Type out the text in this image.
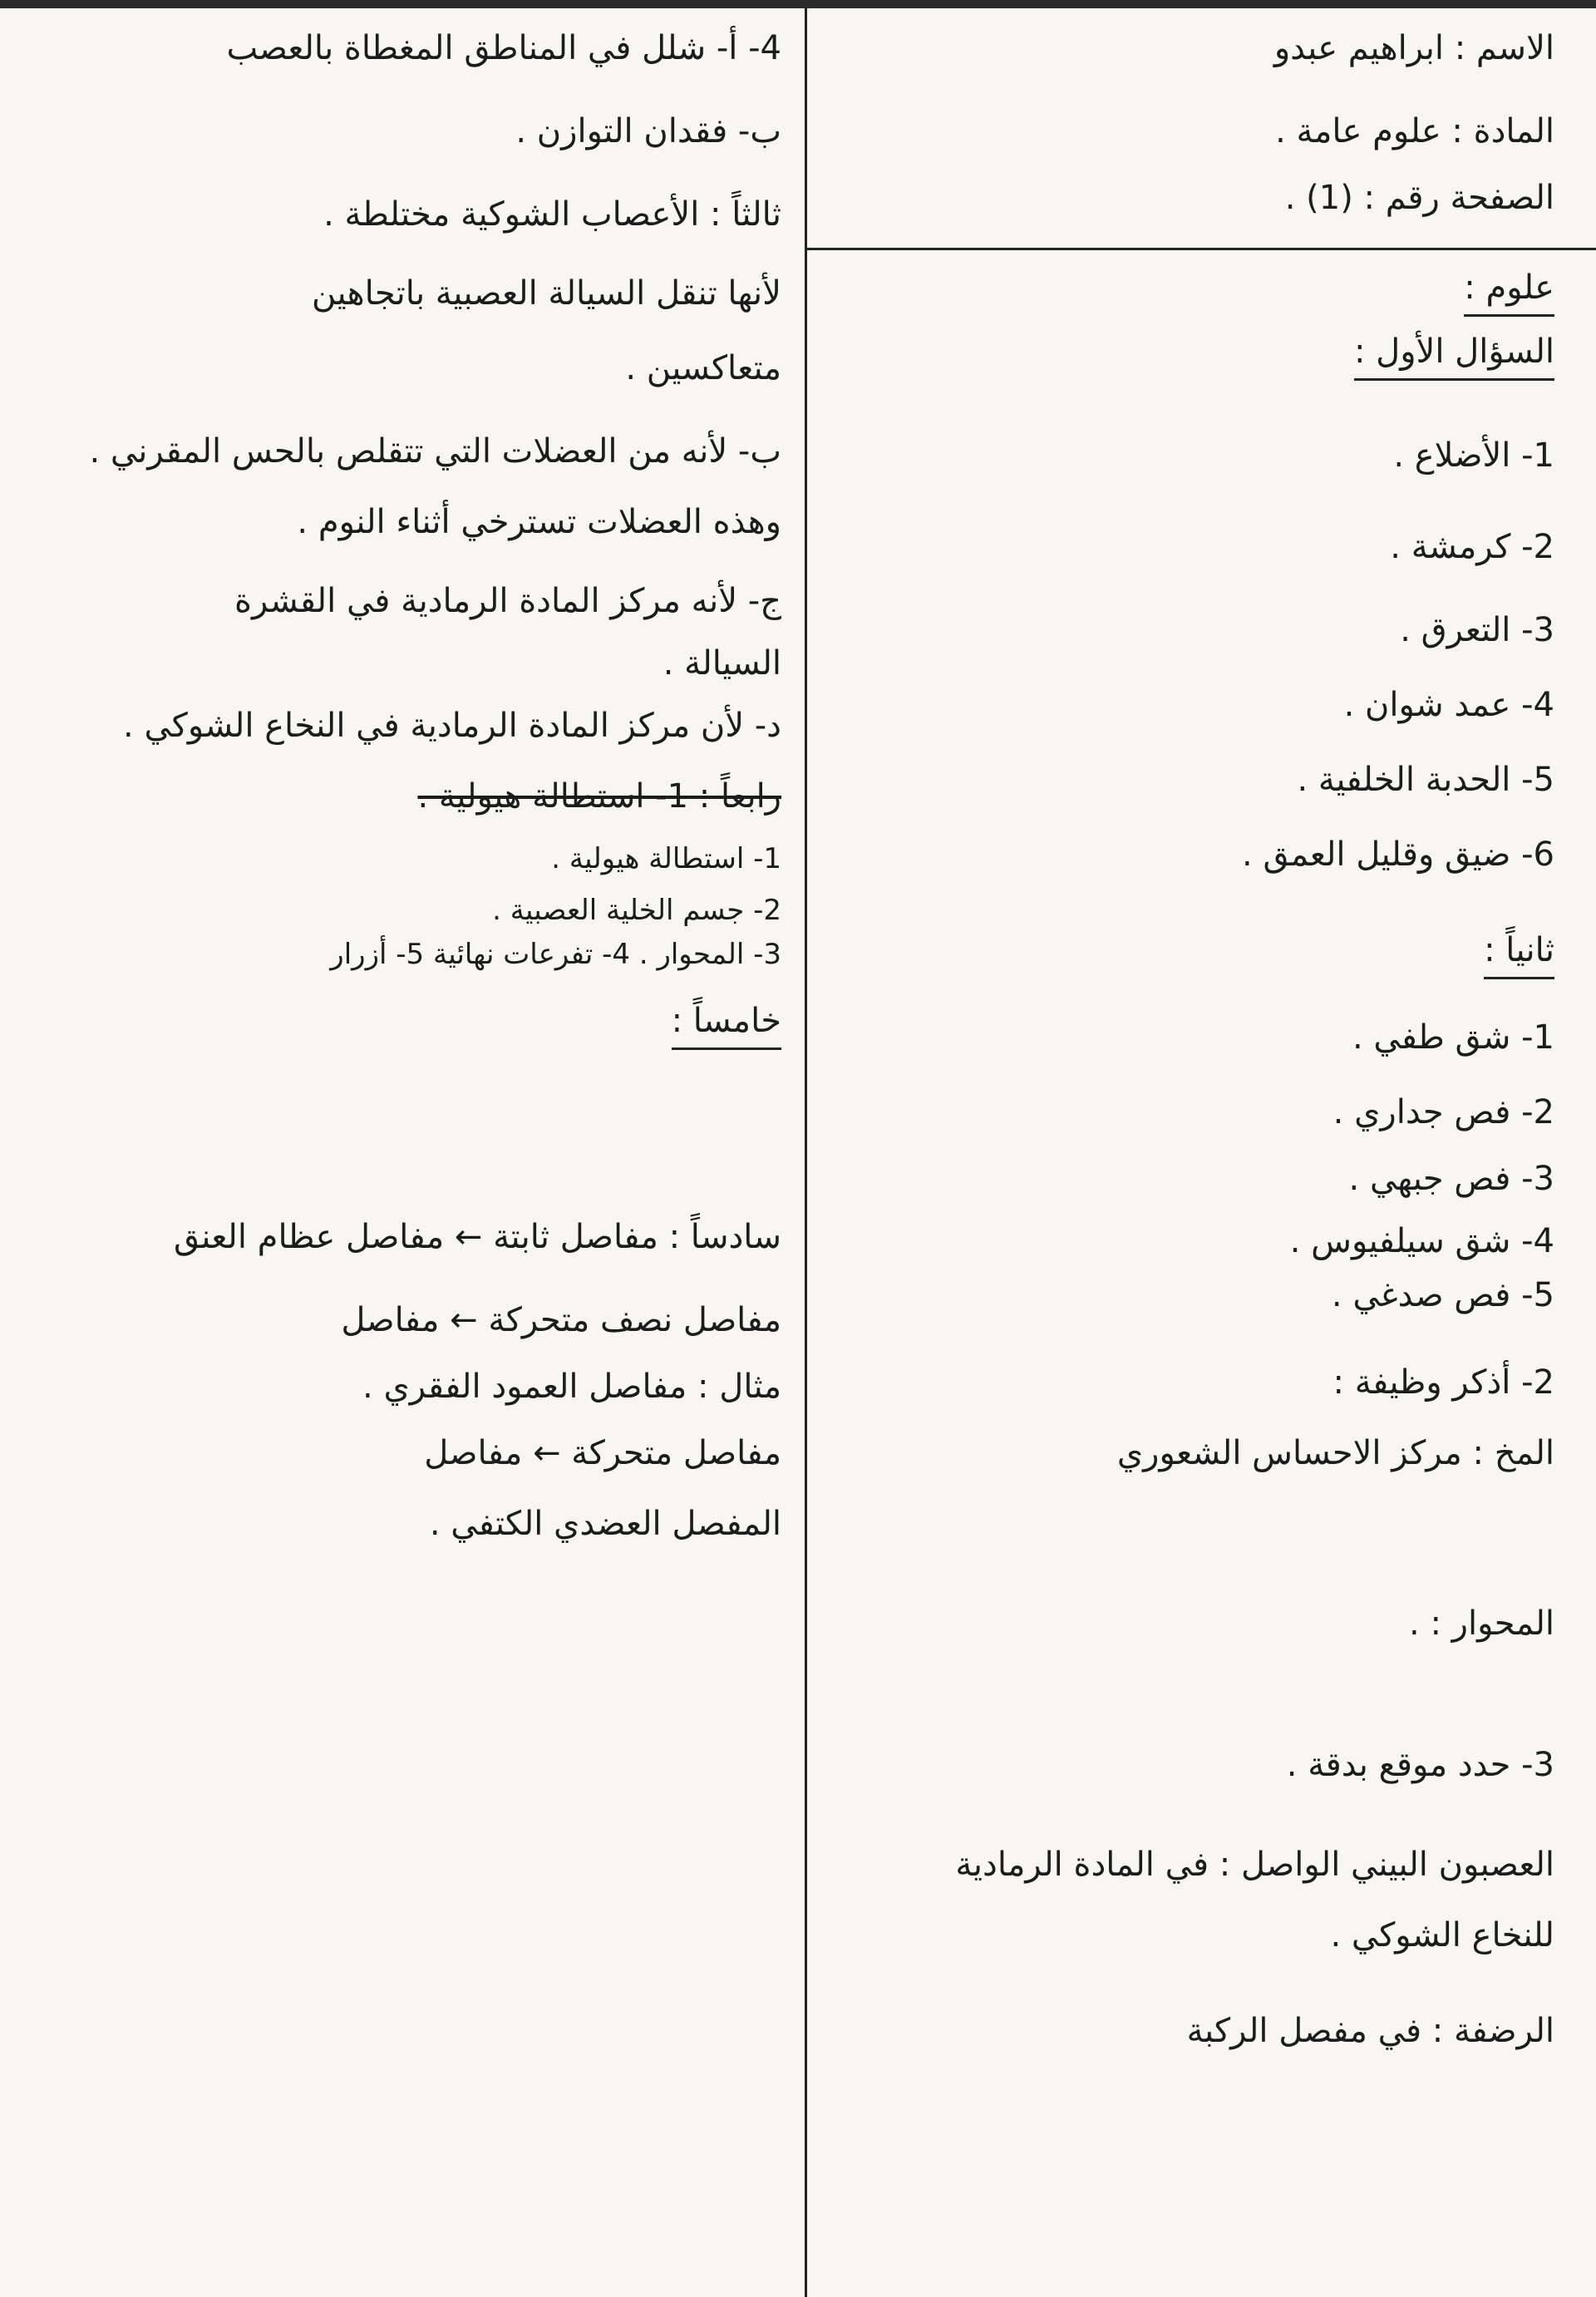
الاسم : ابراهيم عبدو
المادة : علوم عامة .
الصفحة رقم : (1) .
علوم :
السؤال الأول :
1- الأضلاع .
2- كرمشة .
3- التعرق .
4- عمد شوان .
5- الحدبة الخلفية .
6- ضيق وقليل العمق .
ثانياً :
1- شق طفي .
2- فص جداري .
3- فص جبهي .
4- شق سيلفيوس .
5- فص صدغي .
2- أذكر وظيفة :
المخ : مركز الاحساس الشعوري
المحوار : .
3- حدد موقع بدقة .
العصبون البيني الواصل : في المادة الرمادية
للنخاع الشوكي .
الرضفة : في مفصل الركبة
4- أ- شلل في المناطق المغطاة بالعصب
ب- فقدان التوازن .
ثالثاً : الأعصاب الشوكية مختلطة .
لأنها تنقل السيالة العصبية باتجاهين
متعاكسين .
ب- لأنه من العضلات التي تتقلص بالحس المقرني .
وهذه العضلات تسترخي أثناء النوم .
ج- لأنه مركز المادة الرمادية في القشرة
السيالة .
د- لأن مركز المادة الرمادية في النخاع الشوكي .
رابعاً : 1- استطالة هيولية .
1- استطالة هيولية .
2- جسم الخلية العصبية .
3- المحوار . 4- تفرعات نهائية 5- أزرار
خامساً :
سادساً : مفاصل ثابتة ← مفاصل عظام العنق
مفاصل نصف متحركة ← مفاصل
مثال : مفاصل العمود الفقري .
مفاصل متحركة ← مفاصل
المفصل العضدي الكتفي .
